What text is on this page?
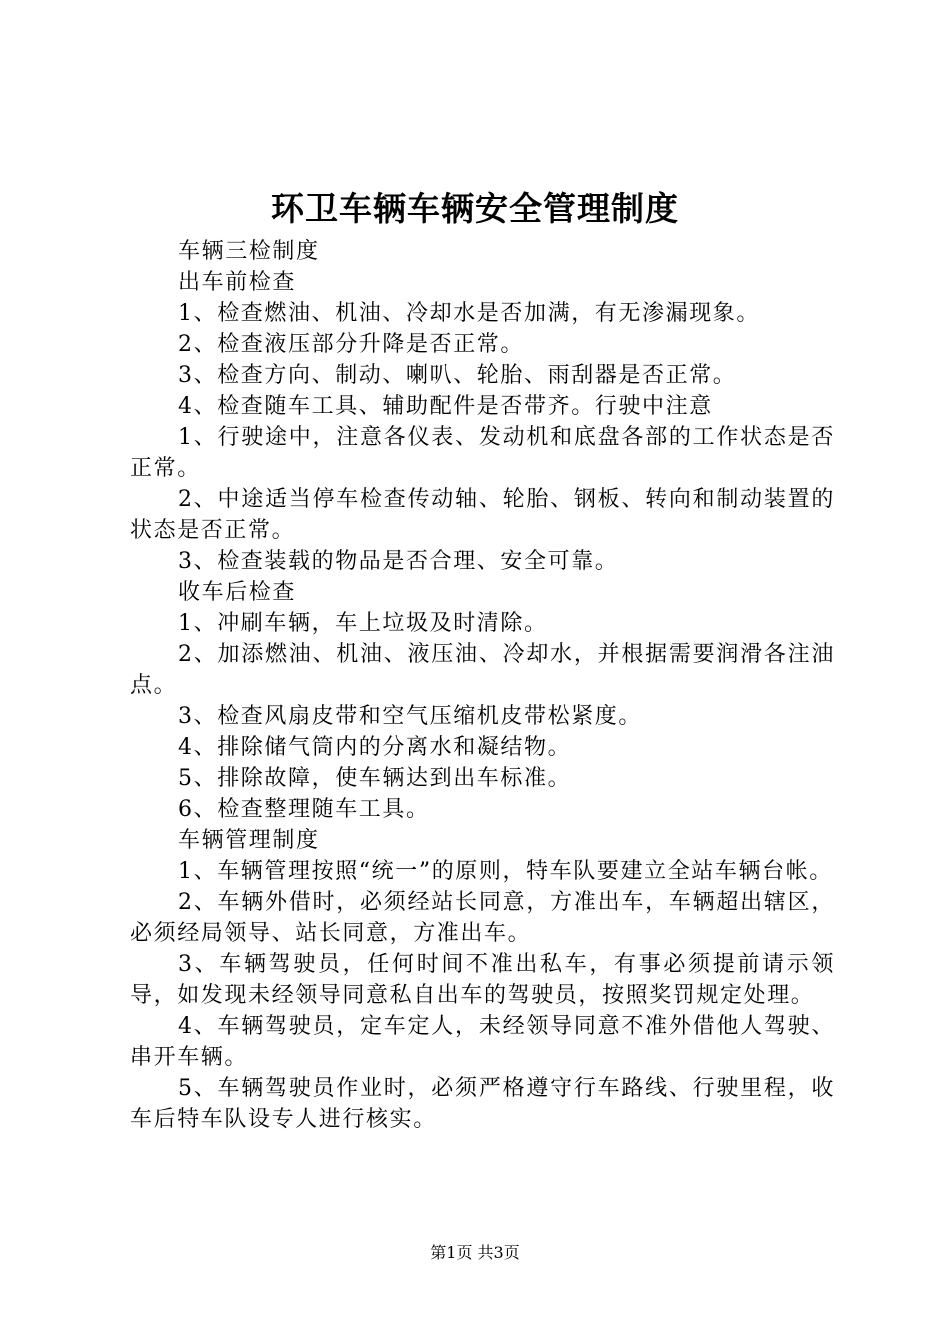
环卫车辆车辆安全管理制度

车辆三检制度

出车前检查

1、检查燃油、机油、冷却水是否加满，有无渗漏现象。

2、检查液压部分升降是否正常。

3、检查方向、制动、喇叭、轮胎、雨刮器是否正常。

4、检查随车工具、辅助配件是否带齐。行驶中注意

1、行驶途中，注意各仪表、发动机和底盘各部的工作状态是否正常。

2、中途适当停车检查传动轴、轮胎、钢板、转向和制动装置的状态是否正常。

3、检查装载的物品是否合理、安全可靠。

收车后检查

1、冲刷车辆，车上垃圾及时清除。

2、加添燃油、机油、液压油、冷却水，并根据需要润滑各注油点。

3、检查风扇皮带和空气压缩机皮带松紧度。

4、排除储气筒内的分离水和凝结物。

5、排除故障，使车辆达到出车标准。

6、检查整理随车工具。

车辆管理制度

1、车辆管理按照“统一”的原则，特车队要建立全站车辆台帐。

2、车辆外借时，必须经站长同意，方准出车，车辆超出辖区，必须经局领导、站长同意，方准出车。

3、车辆驾驶员，任何时间不准出私车，有事必须提前请示领导，如发现未经领导同意私自出车的驾驶员，按照奖罚规定处理。

4、车辆驾驶员，定车定人，未经领导同意不准外借他人驾驶、串开车辆。

5、车辆驾驶员作业时，必须严格遵守行车路线、行驶里程，收车后特车队设专人进行核实。

第1页 共3页
